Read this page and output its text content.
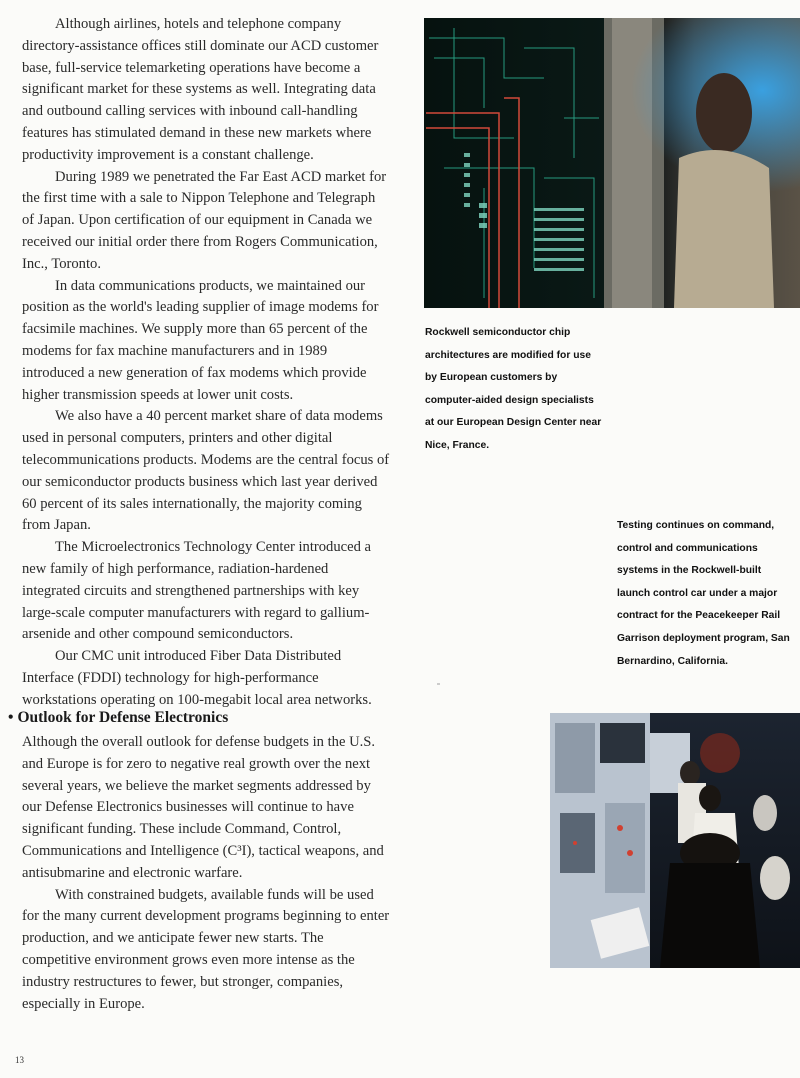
Although airlines, hotels and telephone company directory-assistance offices still dominate our ACD customer base, full-service telemarketing operations have become a significant market for these systems as well. Integrating data and outbound calling services with inbound call-handling features has stimulated demand in these new markets where productivity improvement is a constant challenge.

During 1989 we penetrated the Far East ACD market for the first time with a sale to Nippon Telephone and Telegraph of Japan. Upon certification of our equipment in Canada we received our initial order there from Rogers Communication, Inc., Toronto.

In data communications products, we maintained our position as the world's leading supplier of image modems for facsimile machines. We supply more than 65 percent of the modems for fax machine manufacturers and in 1989 introduced a new generation of fax modems which provide higher transmission speeds at lower unit costs.

We also have a 40 percent market share of data modems used in personal computers, printers and other digital telecommunications products. Modems are the central focus of our semiconductor products business which last year derived 60 percent of its sales internationally, the majority coming from Japan.

The Microelectronics Technology Center introduced a new family of high performance, radiation-hardened integrated circuits and strengthened partnerships with key large-scale computer manufacturers with regard to gallium-arsenide and other compound semiconductors.

Our CMC unit introduced Fiber Data Distributed Interface (FDDI) technology for high-performance workstations operating on 100-megabit local area networks.

• Outlook for Defense Electronics

Although the overall outlook for defense budgets in the U.S. and Europe is for zero to negative real growth over the next several years, we believe the market segments addressed by our Defense Electronics businesses will continue to have significant funding. These include Command, Control, Communications and Intelligence (C³I), tactical weapons, and antisubmarine and electronic warfare.

With constrained budgets, available funds will be used for the many current development programs beginning to enter production, and we anticipate fewer new starts. The competitive environment grows even more intense as the industry restructures to fewer, but stronger, companies, especially in Europe.

Rockwell semiconductor chip architectures are modified for use by European customers by computer-aided design specialists at our European Design Center near Nice, France.

Testing continues on command, control and communications systems in the Rockwell-built launch control car under a major contract for the Peacekeeper Rail Garrison deployment program, San Bernardino, California.

13
